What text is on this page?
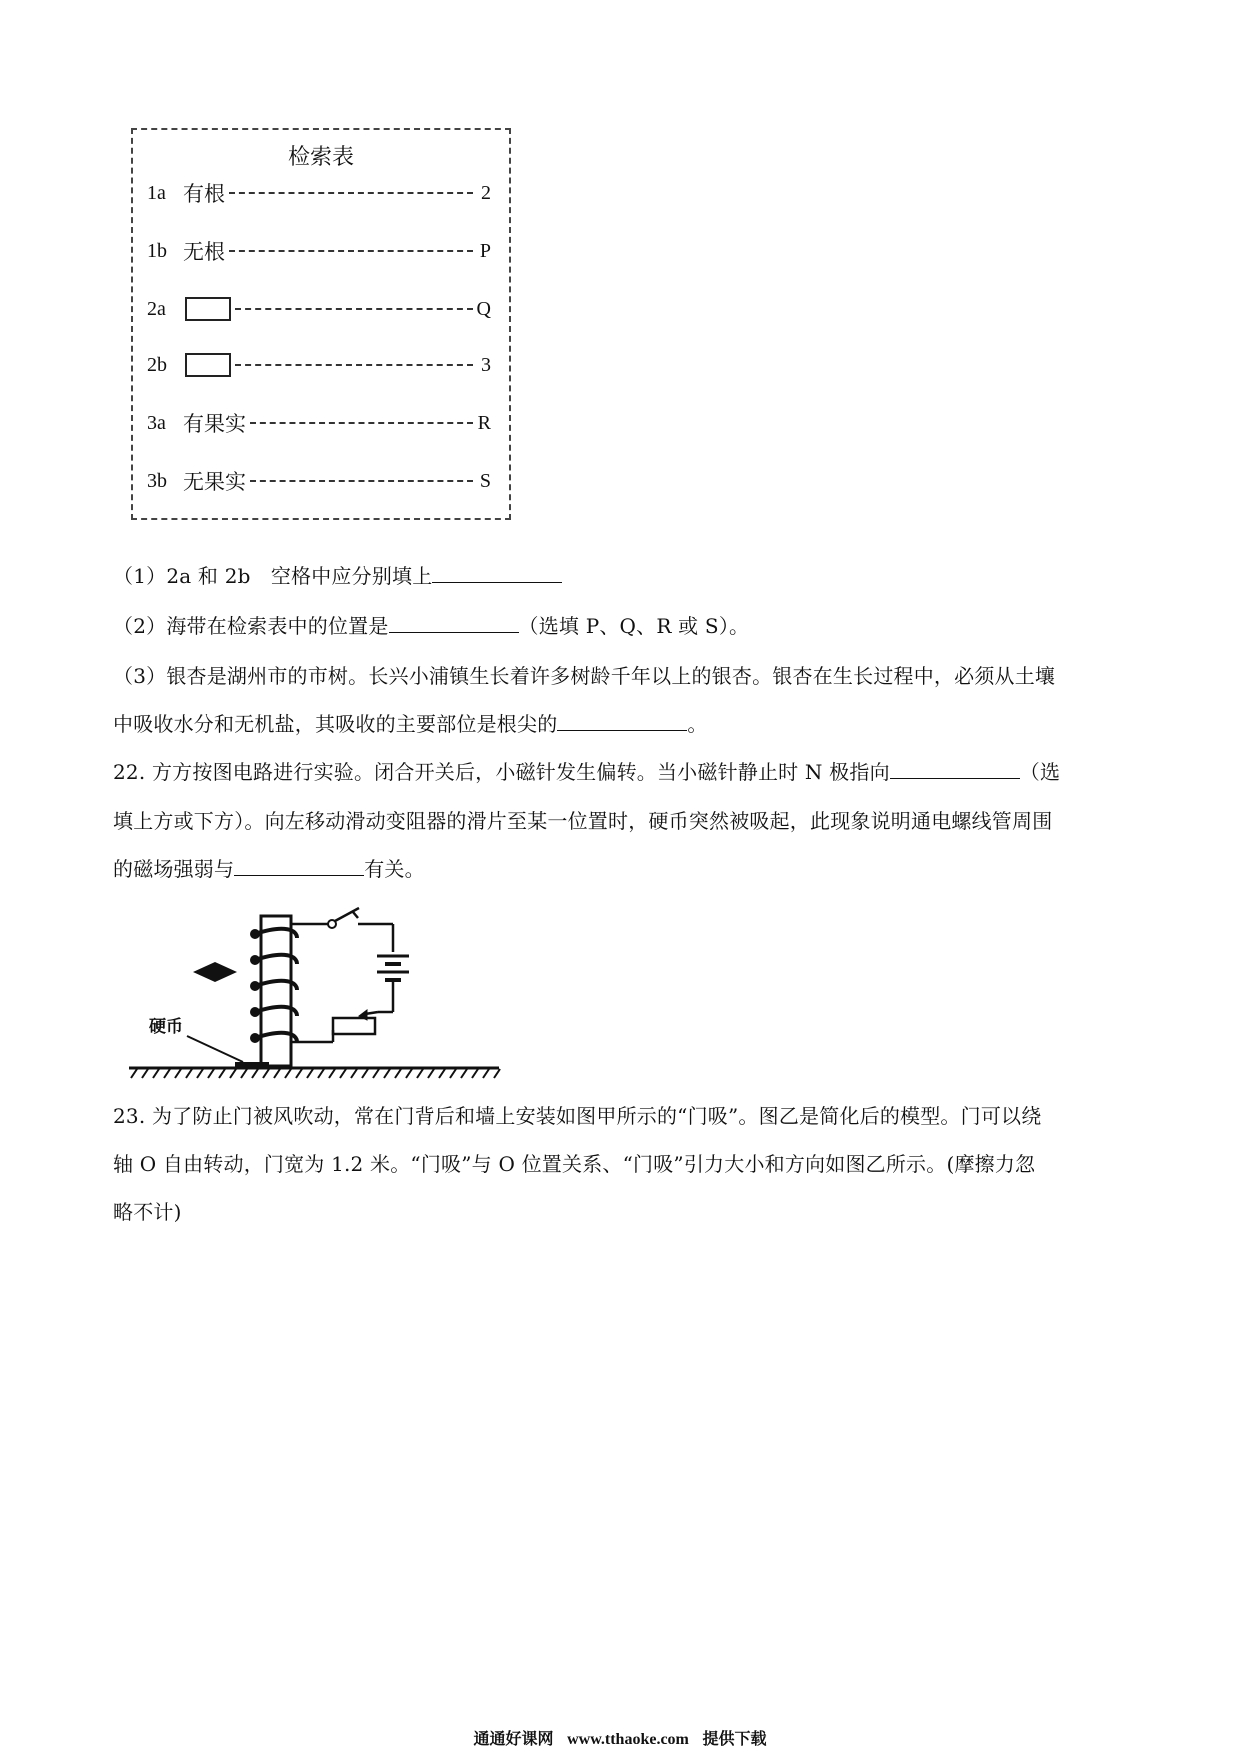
检索表
1a 有根	2
1b 无根	P
2a	Q
2b	3
3a 有果实	R
3b 无果实	S
（1）2a 和 2b　空格中应分别填上
（2）海带在检索表中的位置是	（选填 P、Q、R 或 S）。
（3）银杏是湖州市的市树。长兴小浦镇生长着许多树龄千年以上的银杏。银杏在生长过程中，必须从土壤
中吸收水分和无机盐，其吸收的主要部位是根尖的	。
22. 方方按图电路进行实验。闭合开关后，小磁针发生偏转。当小磁针静止时 N 极指向	（选
填上方或下方）。向左移动滑动变阻器的滑片至某一位置时，硬币突然被吸起，此现象说明通电螺线管周围
的磁场强弱与	有关。
硬币
23. 为了防止门被风吹动，常在门背后和墙上安装如图甲所示的“门吸”。图乙是简化后的模型。门可以绕
轴 O 自由转动，门宽为 1.2 米。“门吸”与 O 位置关系、“门吸”引力大小和方向如图乙所示。(摩擦力忽
略不计)
通通好课网 www.tthaoke.com 提供下载
